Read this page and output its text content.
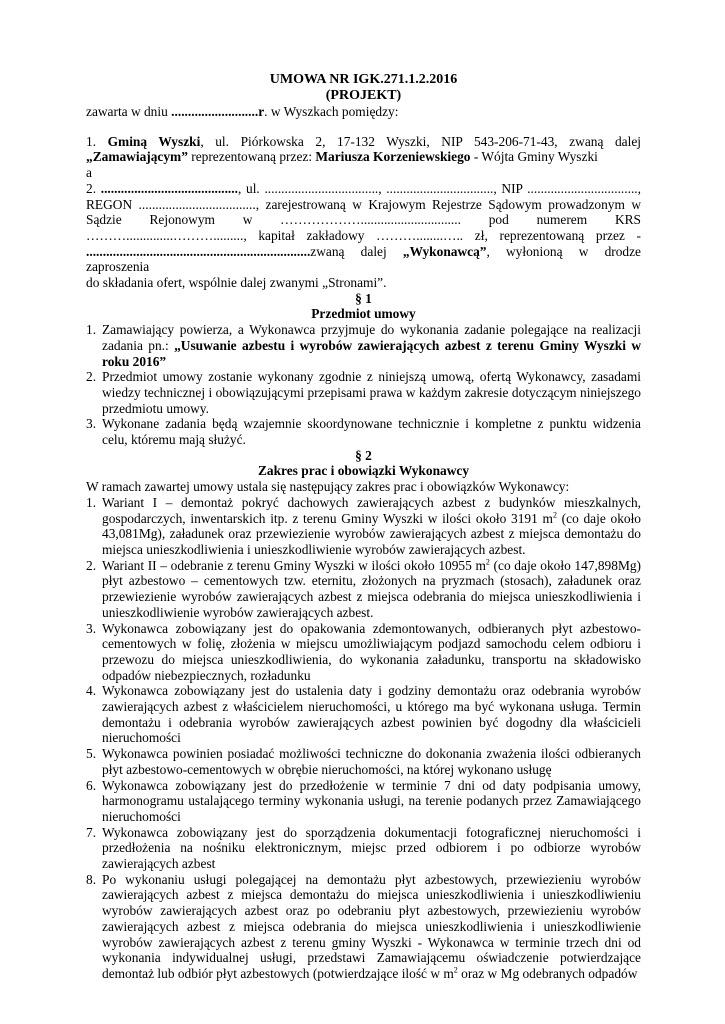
UMOWA NR IGK.271.1.2.2016
(PROJEKT)

zawarta w dniu ..........................r. w Wyszkach pomiędzy:

1. Gminą Wyszki, ul. Piórkowska 2, 17-132 Wyszki, NIP 543-206-71-43, zwaną dalej „Zamawiającym” reprezentowaną przez: Mariusza Korzeniewskiego - Wójta Gminy Wyszki

a

2. ........................................., ul. .................................., ................................, NIP .................................,

REGON ..................................., zarejestrowaną w Krajowym Rejestrze Sądowym prowadzonym w

Sądzie Rejonowym w ……………….............................. pod numerem KRS

………..............………........., kapitał zakładowy ………........….. zł, reprezentowaną przez -

...................................................................zwaną dalej „Wykonawcą”, wyłonioną w drodze zaproszenia

do składania ofert, wspólnie dalej zwanymi „Stronami”.

§ 1
Przedmiot umowy
1. Zamawiający powierza, a Wykonawca przyjmuje do wykonania zadanie polegające na realizacji zadania pn.: „Usuwanie azbestu i wyrobów zawierających azbest z terenu Gminy Wyszki w roku 2016”
2. Przedmiot umowy zostanie wykonany zgodnie z niniejszą umową, ofertą Wykonawcy, zasadami wiedzy technicznej i obowiązującymi przepisami prawa w każdym zakresie dotyczącym niniejszego przedmiotu umowy.
3. Wykonane zadania będą wzajemnie skoordynowane technicznie i kompletne z punktu widzenia celu, któremu mają służyć.
§ 2
Zakres prac i obowiązki Wykonawcy

W ramach zawartej umowy ustala się następujący zakres prac i obowiązków Wykonawcy:

1. Wariant I – demontaż pokryć dachowych zawierających azbest z budynków mieszkalnych, gospodarczych, inwentarskich itp. z terenu Gminy Wyszki w ilości około 3191 $m^2$ (co daje około 43,081Mg), załadunek oraz przewiezienie wyrobów zawierających azbest z miejsca demontażu do miejsca unieszkodliwienia i unieszkodliwienie wyrobów zawierających azbest.
2. Wariant II – odebranie z terenu Gminy Wyszki w ilości około 10955 $m^2$ (co daje około 147,898Mg) płyt azbestowo – cementowych tzw. eternitu, złożonych na pryzmach (stosach), załadunek oraz przewiezienie wyrobów zawierających azbest z miejsca odebrania do miejsca unieszkodliwienia i unieszkodliwienie wyrobów zawierających azbest.
3. Wykonawca zobowiązany jest do opakowania zdemontowanych, odbieranych płyt azbestowo-cementowych w folię, złożenia w miejscu umożliwiającym podjazd samochodu celem odbioru i przewozu do miejsca unieszkodliwienia, do wykonania załadunku, transportu na składowisko odpadów niebezpiecznych, rozładunku
4. Wykonawca zobowiązany jest do ustalenia daty i godziny demontażu oraz odebrania wyrobów zawierających azbest z właścicielem nieruchomości, u którego ma być wykonana usługa. Termin demontażu i odebrania wyrobów zawierających azbest powinien być dogodny dla właścicieli nieruchomości
5. Wykonawca powinien posiadać możliwości techniczne do dokonania zważenia ilości odbieranych płyt azbestowo-cementowych w obrębie nieruchomości, na której wykonano usługę
6. Wykonawca zobowiązany jest do przedłożenie w terminie 7 dni od daty podpisania umowy, harmonogramu ustalającego terminy wykonania usługi, na terenie podanych przez Zamawiającego nieruchomości
7. Wykonawca zobowiązany jest do sporządzenia dokumentacji fotograficznej nieruchomości i przedłożenia na nośniku elektronicznym, miejsc przed odbiorem i po odbiorze wyrobów zawierających azbest
8. Po wykonaniu usługi polegającej na demontażu płyt azbestowych, przewiezieniu wyrobów zawierających azbest z miejsca demontażu do miejsca unieszkodliwienia i unieszkodliwieniu wyrobów zawierających azbest oraz po odebraniu płyt azbestowych, przewiezieniu wyrobów zawierających azbest z miejsca odebrania do miejsca unieszkodliwienia i unieszkodliwienie wyrobów zawierających azbest z terenu gminy Wyszki - Wykonawca w terminie trzech dni od wykonania indywidualnej usługi, przedstawi Zamawiającemu oświadczenie potwierdzające demontaż lub odbiór płyt azbestowych (potwierdzające ilość w $m^2$ oraz w Mg odebranych odpadów
